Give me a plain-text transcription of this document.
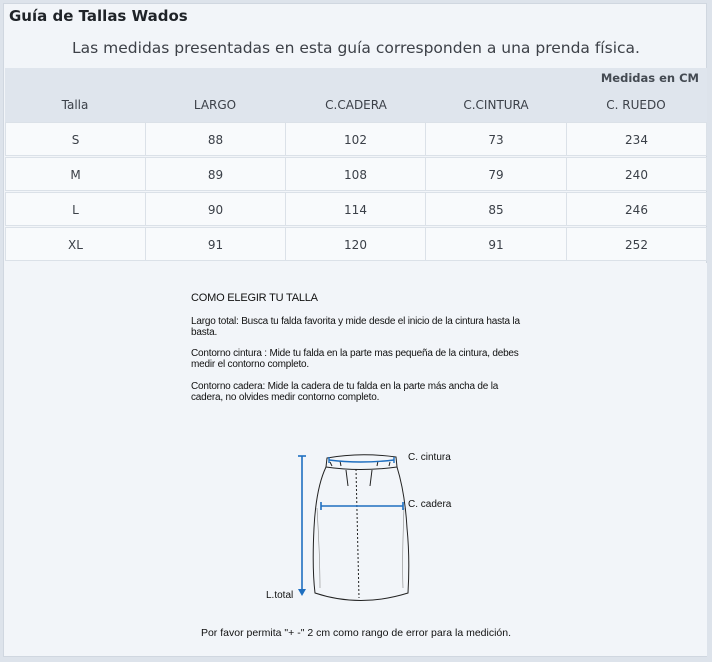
Guía de Tallas Wados
Las medidas presentadas en esta guía corresponden a una prenda física.
Medidas en CM
Talla	LARGO	C.CADERA	C.CINTURA	C. RUEDO
S	88	102	73	234
M	89	108	79	240
L	90	114	85	246
XL	91	120	91	252
COMO ELEGIR TU TALLA
Largo total: Busca tu falda favorita y mide desde el inicio de la cintura hasta la basta.
Contorno cintura : Mide tu falda en la parte mas pequeña de la cintura, debes medir el contorno completo.
Contorno cadera: Mide la cadera de tu falda en la parte más ancha de la cadera, no olvides medir contorno completo.
C. cintura
C. cadera
L.total
Por favor permita "+ -" 2 cm como rango de error para la medición.
